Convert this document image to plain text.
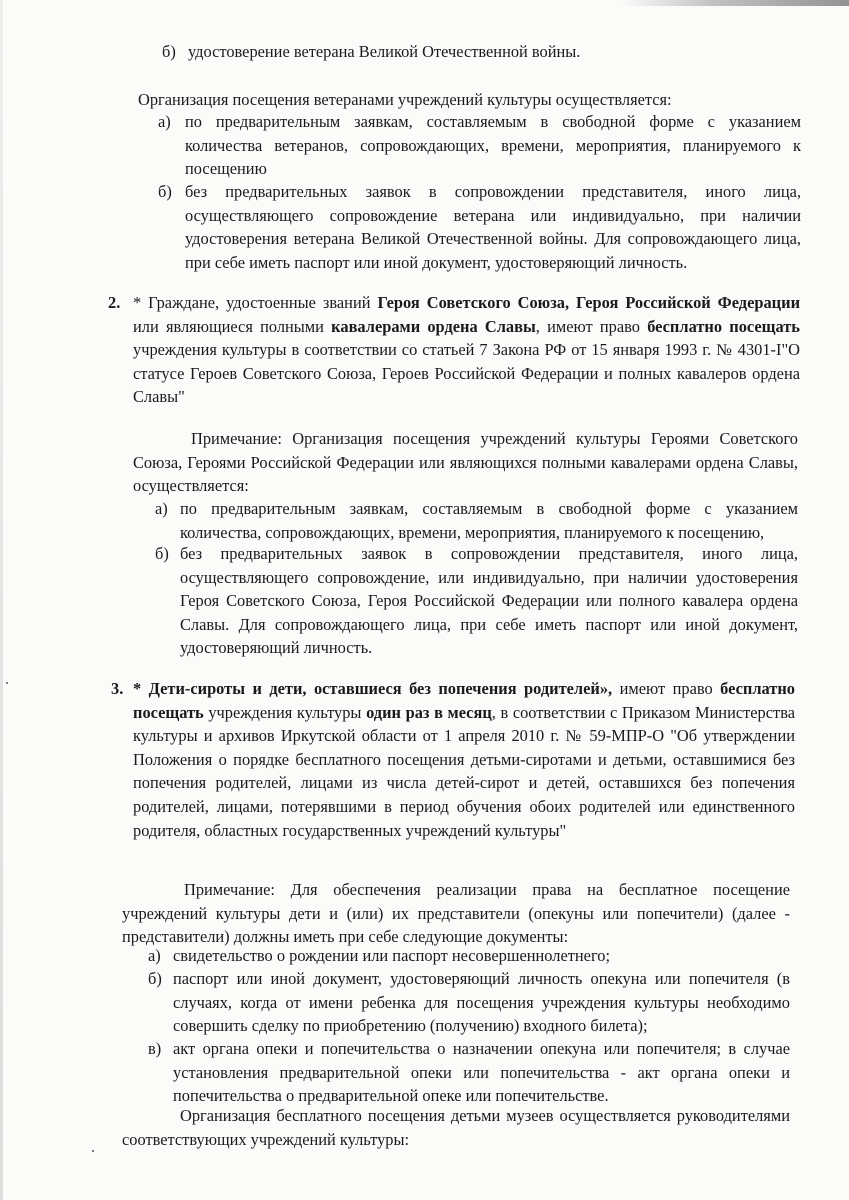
б) удостоверение ветерана Великой Отечественной войны.

Организация посещения ветеранами учреждений культуры осуществляется:

а) по предварительным заявкам, составляемым в свободной форме с указанием количества ветеранов, сопровождающих, времени, мероприятия, планируемого к посещению
б) без предварительных заявок в сопровождении представителя, иного лица, осуществляющего сопровождение ветерана или индивидуально, при наличии удостоверения ветерана Великой Отечественной войны. Для сопровождающего лица, при себе иметь паспорт или иной документ, удостоверяющий личность.
2. * Граждане, удостоенные званий Героя Советского Союза, Героя Российской Федерации или являющиеся полными кавалерами ордена Славы, имеют право бесплатно посещать учреждения культуры в соответствии со статьей 7 Закона РФ от 15 января 1993 г. № 4301-I"О статусе Героев Советского Союза, Героев Российской Федерации и полных кавалеров ордена Славы"

Примечание: Организация посещения учреждений культуры Героями Советского Союза, Героями Российской Федерации или являющихся полными кавалерами ордена Славы, осуществляется:

а) по предварительным заявкам, составляемым в свободной форме с указанием количества, сопровождающих, времени, мероприятия, планируемого к посещению,
б) без предварительных заявок в сопровождении представителя, иного лица, осуществляющего сопровождение, или индивидуально, при наличии удостоверения Героя Советского Союза, Героя Российской Федерации или полного кавалера ордена Славы. Для сопровождающего лица, при себе иметь паспорт или иной документ, удостоверяющий личность.
3. * Дети-сироты и дети, оставшиеся без попечения родителей», имеют право бесплатно посещать учреждения культуры один раз в месяц, в соответствии с Приказом Министерства культуры и архивов Иркутской области от 1 апреля 2010 г. № 59-МПР-О "Об утверждении Положения о порядке бесплатного посещения детьми-сиротами и детьми, оставшимися без попечения родителей, лицами из числа детей-сирот и детей, оставшихся без попечения родителей, лицами, потерявшими в период обучения обоих родителей или единственного родителя, областных государственных учреждений культуры"

Примечание: Для обеспечения реализации права на бесплатное посещение учреждений культуры дети и (или) их представители (опекуны или попечители) (далее - представители) должны иметь при себе следующие документы:

а) свидетельство о рождении или паспорт несовершеннолетнего;
б) паспорт или иной документ, удостоверяющий личность опекуна или попечителя (в случаях, когда от имени ребенка для посещения учреждения культуры необходимо совершить сделку по приобретению (получению) входного билета);
в) акт органа опеки и попечительства о назначении опекуна или попечителя; в случае установления предварительной опеки или попечительства - акт органа опеки и попечительства о предварительной опеке или попечительстве.

Организация бесплатного посещения детьми музеев осуществляется руководителями соответствующих учреждений культуры:
